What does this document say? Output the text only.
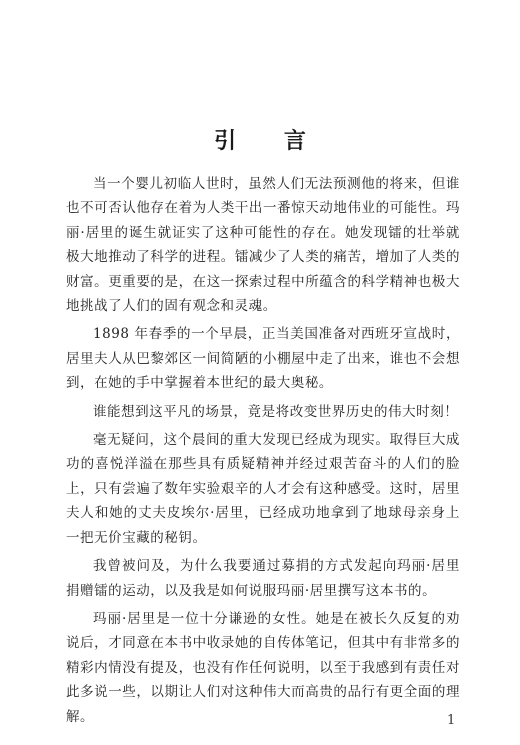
引 言

当一个婴儿初临人世时，虽然人们无法预测他的将来，但谁也不可否认他存在着为人类干出一番惊天动地伟业的可能性。玛丽·居里的诞生就证实了这种可能性的存在。她发现镭的壮举就极大地推动了科学的进程。镭减少了人类的痛苦，增加了人类的财富。更重要的是，在这一探索过程中所蕴含的科学精神也极大地挑战了人们的固有观念和灵魂。

1898 年春季的一个早晨，正当美国准备对西班牙宣战时，居里夫人从巴黎郊区一间简陋的小棚屋中走了出来，谁也不会想到，在她的手中掌握着本世纪的最大奥秘。

谁能想到这平凡的场景，竟是将改变世界历史的伟大时刻！

毫无疑问，这个晨间的重大发现已经成为现实。取得巨大成功的喜悦洋溢在那些具有质疑精神并经过艰苦奋斗的人们的脸上，只有尝遍了数年实验艰辛的人才会有这种感受。这时，居里夫人和她的丈夫皮埃尔·居里，已经成功地拿到了地球母亲身上一把无价宝藏的秘钥。

我曾被问及，为什么我要通过募捐的方式发起向玛丽·居里捐赠镭的运动，以及我是如何说服玛丽·居里撰写这本书的。

玛丽·居里是一位十分谦逊的女性。她是在被长久反复的劝说后，才同意在本书中收录她的自传体笔记，但其中有非常多的精彩内情没有提及，也没有作任何说明，以至于我感到有责任对此多说一些，以期让人们对这种伟大而高贵的品行有更全面的理解。	1
